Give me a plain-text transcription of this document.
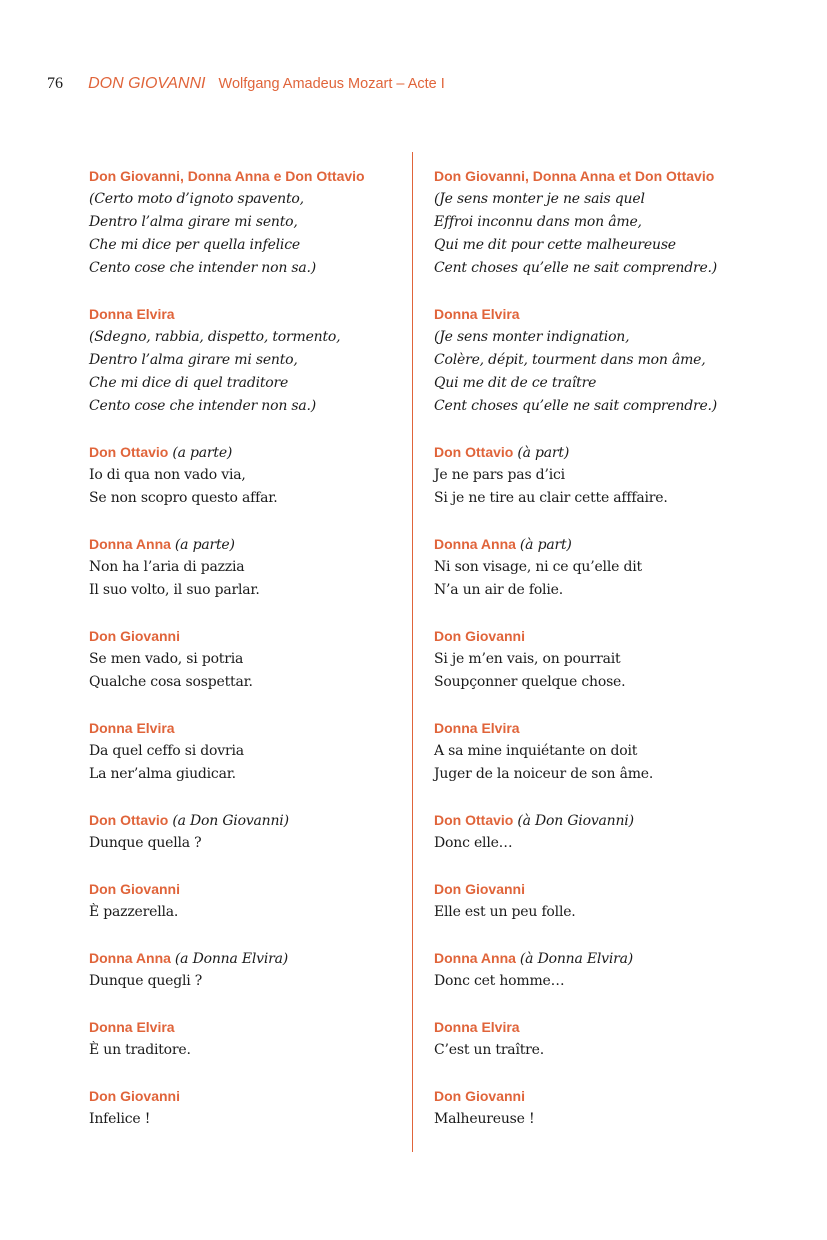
76 DON GIOVANNI Wolfgang Amadeus Mozart – Acte I
Don Giovanni, Donna Anna e Don Ottavio
(Certo moto d’ignoto spavento,
Dentro l’alma girare mi sento,
Che mi dice per quella infelice
Cento cose che intender non sa.)
Donna Elvira
(Sdegno, rabbia, dispetto, tormento,
Dentro l’alma girare mi sento,
Che mi dice di quel traditore
Cento cose che intender non sa.)
Don Ottavio (a parte)
Io di qua non vado via,
Se non scopro questo affar.
Donna Anna (a parte)
Non ha l’aria di pazzia
Il suo volto, il suo parlar.
Don Giovanni
Se men vado, si potria
Qualche cosa sospettar.
Donna Elvira
Da quel ceffo si dovria
La ner’alma giudicar.
Don Ottavio (a Don Giovanni)
Dunque quella ?
Don Giovanni
È pazzerella.
Donna Anna (a Donna Elvira)
Dunque quegli ?
Donna Elvira
È un traditore.
Don Giovanni
Infelice !
Don Giovanni, Donna Anna et Don Ottavio
(Je sens monter je ne sais quel
Effroi inconnu dans mon âme,
Qui me dit pour cette malheureuse
Cent choses qu’elle ne sait comprendre.)
Donna Elvira
(Je sens monter indignation,
Colère, dépit, tourment dans mon âme,
Qui me dit de ce traître
Cent choses qu’elle ne sait comprendre.)
Don Ottavio (à part)
Je ne pars pas d’ici
Si je ne tire au clair cette afffaire.
Donna Anna (à part)
Ni son visage, ni ce qu’elle dit
N’a un air de folie.
Don Giovanni
Si je m’en vais, on pourrait
Soupçonner quelque chose.
Donna Elvira
A sa mine inquiétante on doit
Juger de la noiceur de son âme.
Don Ottavio (à Don Giovanni)
Donc elle…
Don Giovanni
Elle est un peu folle.
Donna Anna (à Donna Elvira)
Donc cet homme…
Donna Elvira
C’est un traître.
Don Giovanni
Malheureuse !
